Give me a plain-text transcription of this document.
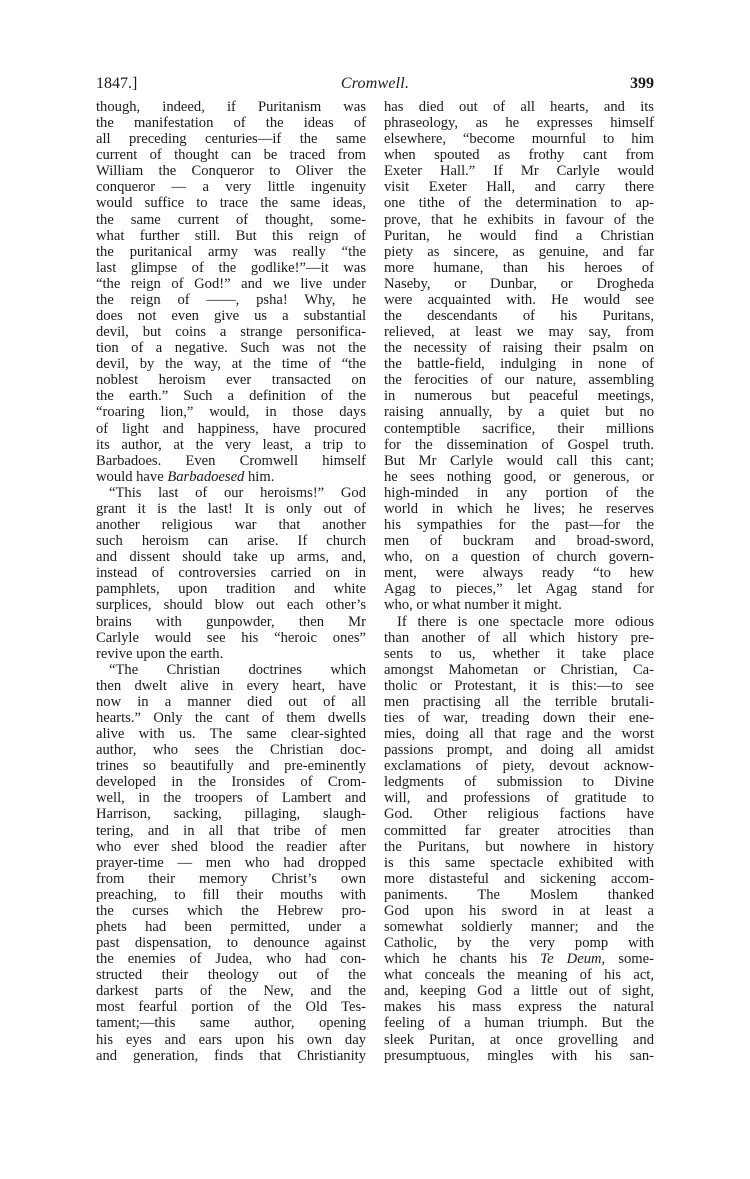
1847.]	Cromwell.	399
though, indeed, if Puritanism was
the manifestation of the ideas of
all preceding centuries—if the same
current of thought can be traced from
William the Conqueror to Oliver the
conqueror — a very little ingenuity
would suffice to trace the same ideas,
the same current of thought, some-
what further still. But this reign of
the puritanical army was really “the
last glimpse of the godlike!”—it was
“the reign of God!” and we live under
the reign of ——, psha! Why, he
does not even give us a substantial
devil, but coins a strange personifica-
tion of a negative. Such was not the
devil, by the way, at the time of “the
noblest heroism ever transacted on
the earth.” Such a definition of the
“roaring lion,” would, in those days
of light and happiness, have procured
its author, at the very least, a trip to
Barbadoes. Even Cromwell himself
would have Barbadoesed him.
“This last of our heroisms!” God
grant it is the last! It is only out of
another religious war that another
such heroism can arise. If church
and dissent should take up arms, and,
instead of controversies carried on in
pamphlets, upon tradition and white
surplices, should blow out each other’s
brains with gunpowder, then Mr
Carlyle would see his “heroic ones”
revive upon the earth.
“The Christian doctrines which
then dwelt alive in every heart, have
now in a manner died out of all
hearts.” Only the cant of them dwells
alive with us. The same clear-sighted
author, who sees the Christian doc-
trines so beautifully and pre-eminently
developed in the Ironsides of Crom-
well, in the troopers of Lambert and
Harrison, sacking, pillaging, slaugh-
tering, and in all that tribe of men
who ever shed blood the readier after
prayer-time — men who had dropped
from their memory Christ’s own
preaching, to fill their mouths with
the curses which the Hebrew pro-
phets had been permitted, under a
past dispensation, to denounce against
the enemies of Judea, who had con-
structed their theology out of the
darkest parts of the New, and the
most fearful portion of the Old Tes-
tament;—this same author, opening
his eyes and ears upon his own day
and generation, finds that Christianity
has died out of all hearts, and its
phraseology, as he expresses himself
elsewhere, “become mournful to him
when spouted as frothy cant from
Exeter Hall.” If Mr Carlyle would
visit Exeter Hall, and carry there
one tithe of the determination to ap-
prove, that he exhibits in favour of the
Puritan, he would find a Christian
piety as sincere, as genuine, and far
more humane, than his heroes of
Naseby, or Dunbar, or Drogheda
were acquainted with. He would see
the descendants of his Puritans,
relieved, at least we may say, from
the necessity of raising their psalm on
the battle-field, indulging in none of
the ferocities of our nature, assembling
in numerous but peaceful meetings,
raising annually, by a quiet but no
contemptible sacrifice, their millions
for the dissemination of Gospel truth.
But Mr Carlyle would call this cant;
he sees nothing good, or generous, or
high-minded in any portion of the
world in which he lives; he reserves
his sympathies for the past—for the
men of buckram and broad-sword,
who, on a question of church govern-
ment, were always ready “to hew
Agag to pieces,” let Agag stand for
who, or what number it might.
If there is one spectacle more odious
than another of all which history pre-
sents to us, whether it take place
amongst Mahometan or Christian, Ca-
tholic or Protestant, it is this:—to see
men practising all the terrible brutali-
ties of war, treading down their ene-
mies, doing all that rage and the worst
passions prompt, and doing all amidst
exclamations of piety, devout acknow-
ledgments of submission to Divine
will, and professions of gratitude to
God. Other religious factions have
committed far greater atrocities than
the Puritans, but nowhere in history
is this same spectacle exhibited with
more distasteful and sickening accom-
paniments. The Moslem thanked
God upon his sword in at least a
somewhat soldierly manner; and the
Catholic, by the very pomp with
which he chants his Te Deum, some-
what conceals the meaning of his act,
and, keeping God a little out of sight,
makes his mass express the natural
feeling of a human triumph. But the
sleek Puritan, at once grovelling and
presumptuous, mingles with his san-
